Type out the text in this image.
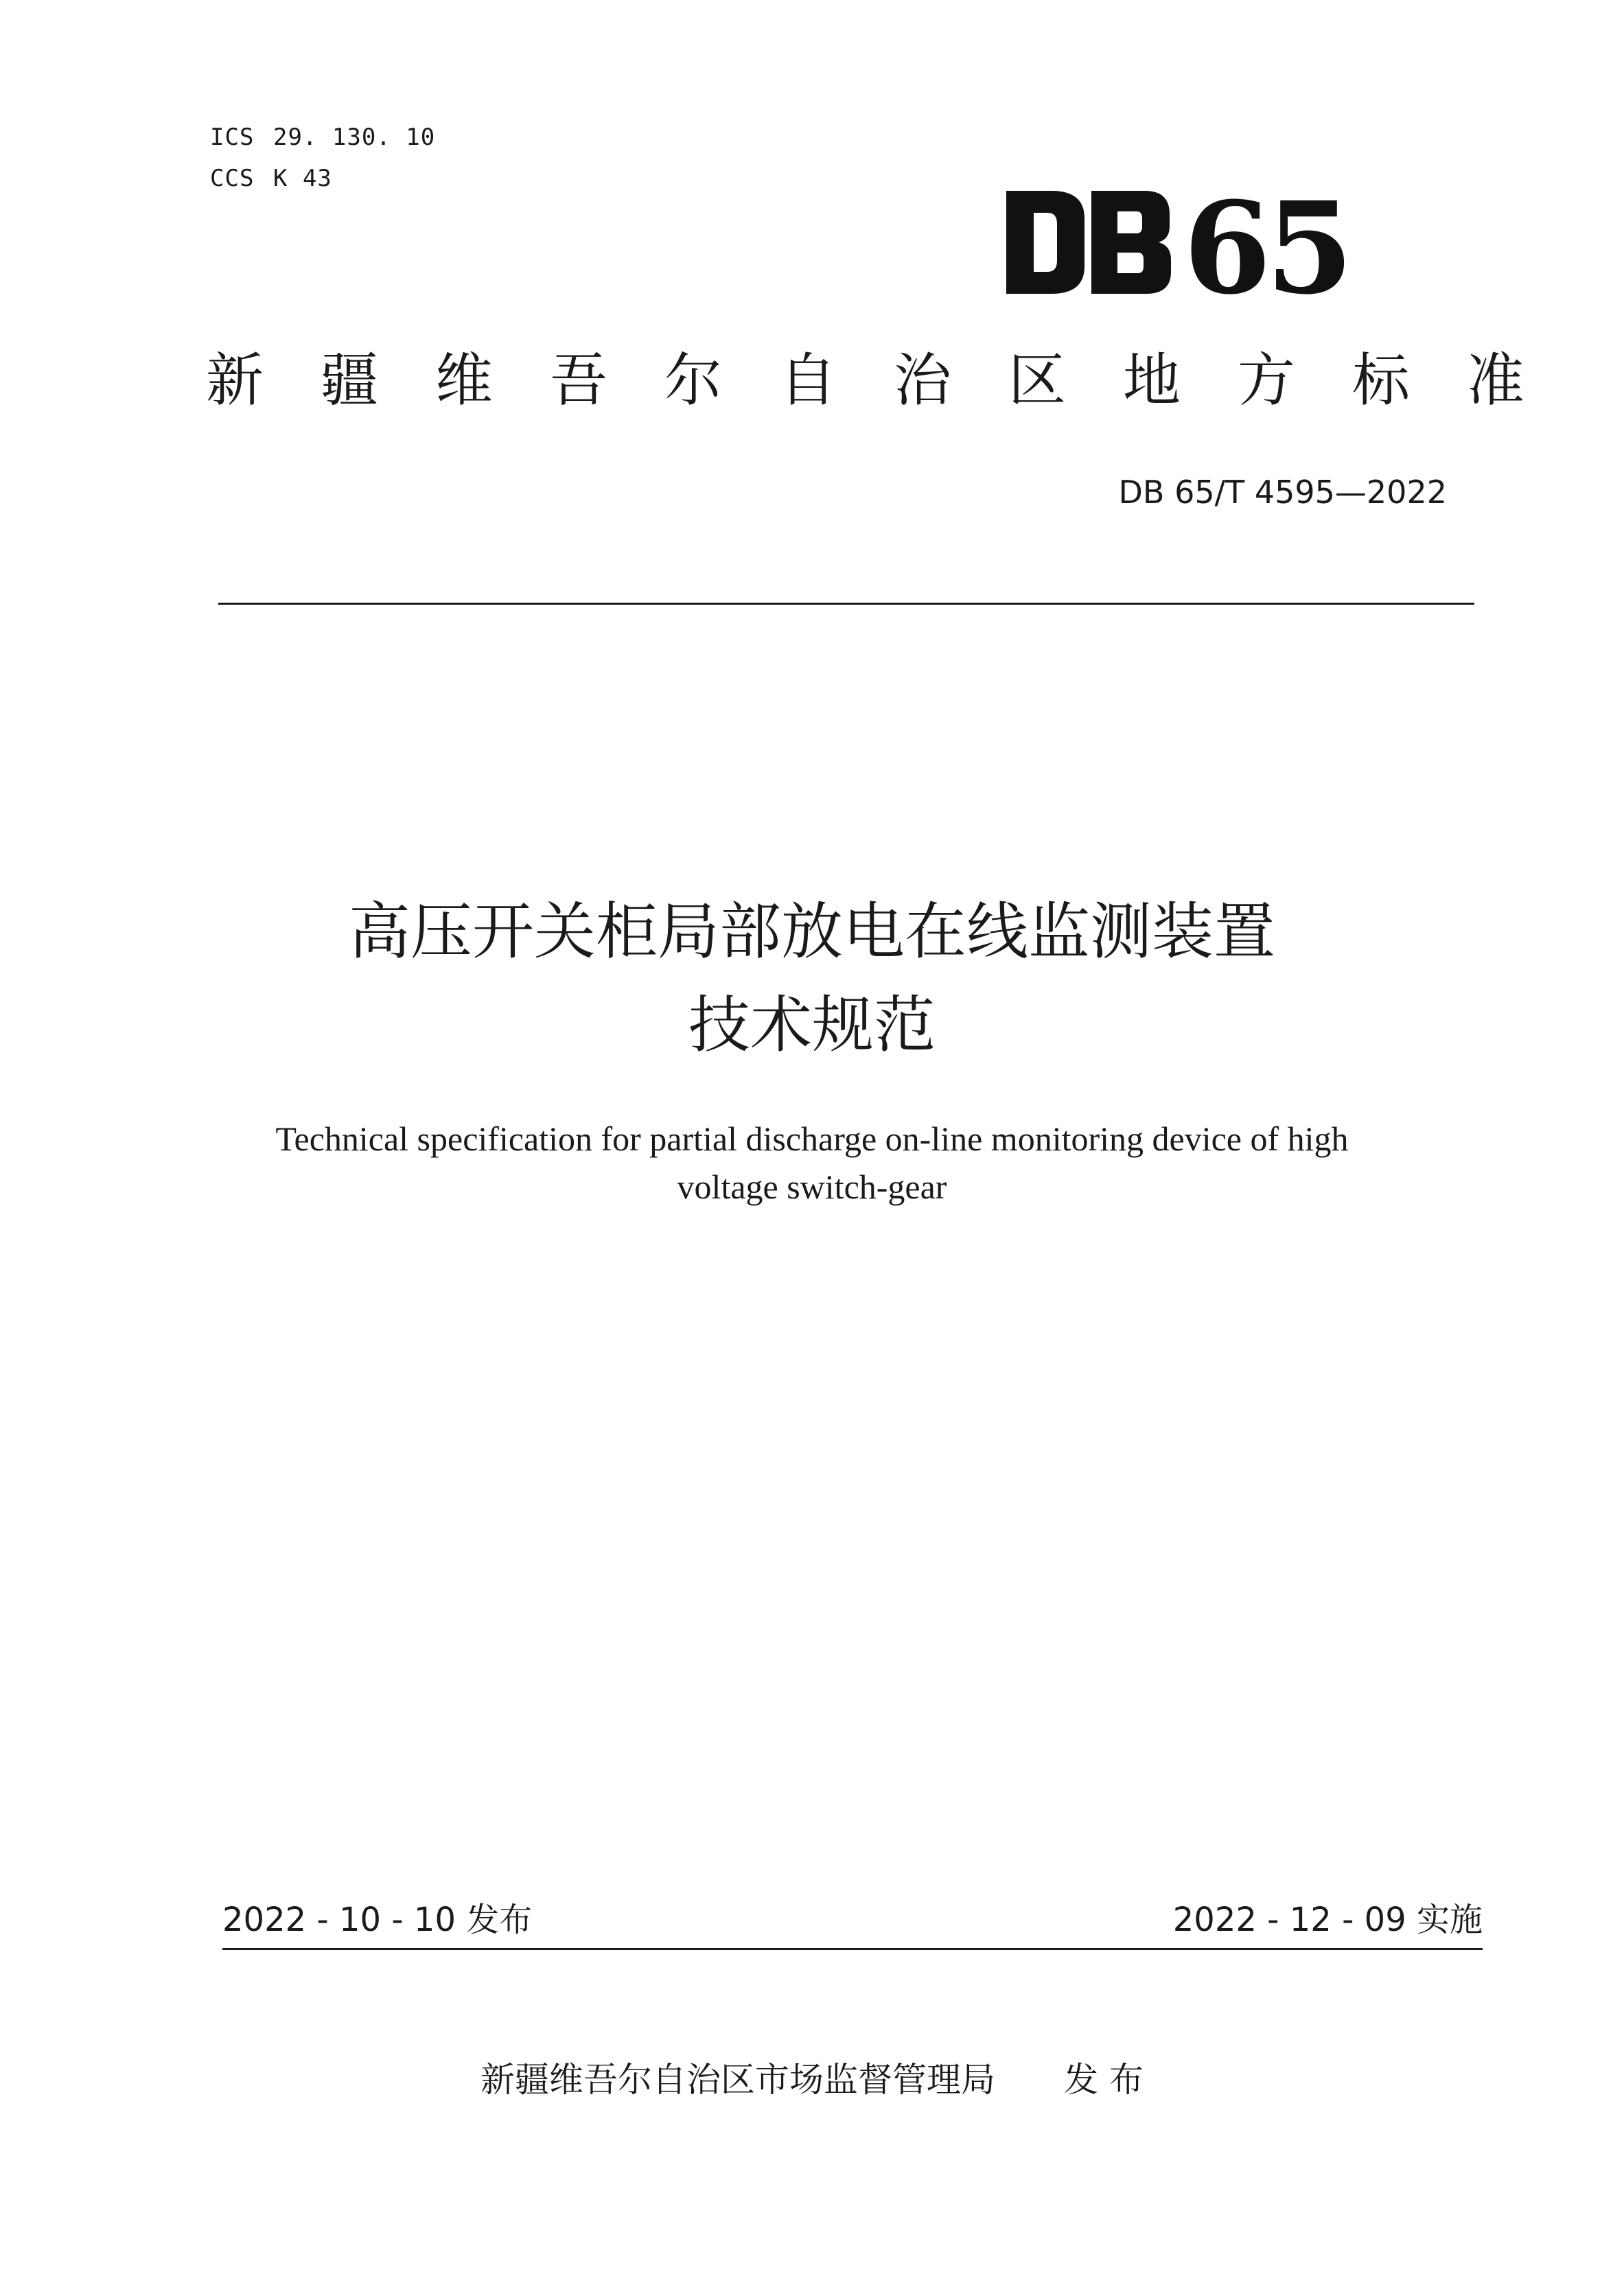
ICS 29. 130. 10
CCS K 43	6
5
新疆维吾尔自治区地方标准
DB 65/T 4595—2022
高压开关柜局部放电在线监测装置
技术规范
Technical specification for partial discharge on-line monitoring device of high
voltage switch-gear
2022 - 10 - 10 发布	2022 - 12 - 09 实施
新疆维吾尔自治区市场监督管理局 发 布
